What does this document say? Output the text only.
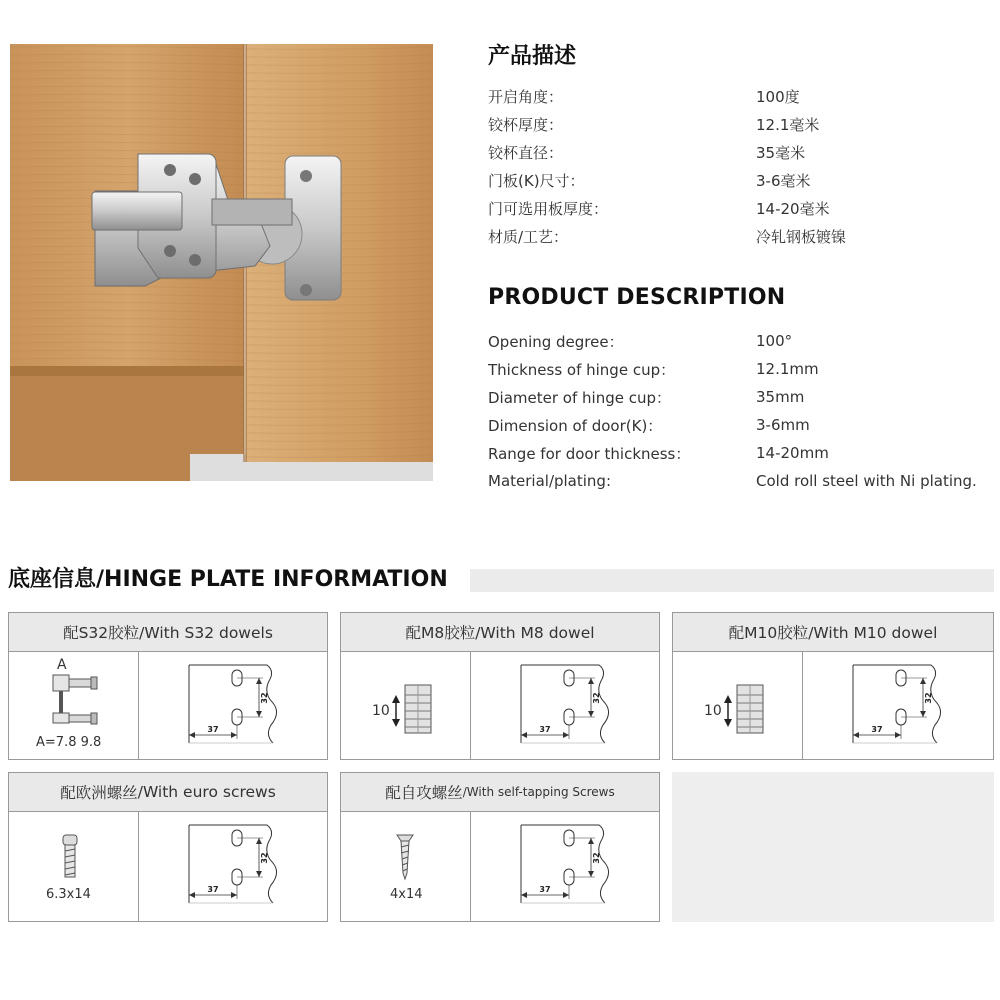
产品描述
开启角度：	100度
铰杯厚度：	12.1毫米
铰杯直径：	35毫米
门板(K)尺寸：	3-6毫米
门可选用板厚度：	14-20毫米
材质/工艺：	冷轧钢板镀镍
PRODUCT DESCRIPTION
Opening degree：	100°
Thickness of hinge cup：	12.1mm
Diameter of hinge cup：	35mm
Dimension of door(K)：	3-6mm
Range for door thickness：	14-20mm
Material/plating:	Cold roll steel with Ni plating.
底座信息/HINGE PLATE INFORMATION
配S32胶粒/With S32 dowels
A
A=7.8 9.8
32
37
配M8胶粒/With M8 dowel
10
32
37
配M10胶粒/With M10 dowel
10
32
37
配欧洲螺丝 /With euro screws
6.3x14
32
37
配自攻螺丝 /With self-tapping Screws
4x14
32
37
